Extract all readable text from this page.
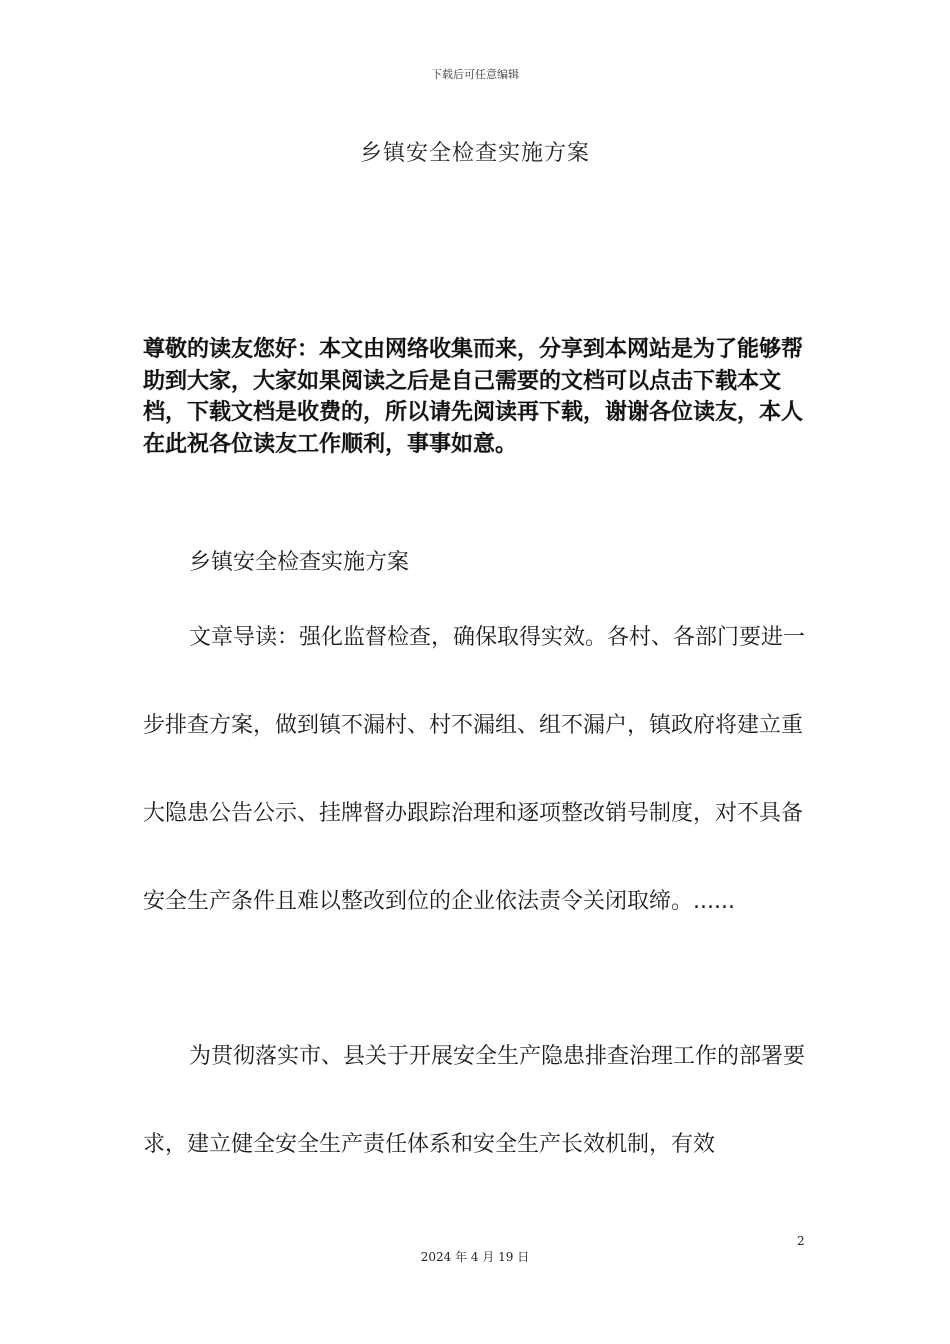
下载后可任意编辑
乡镇安全检查实施方案
尊敬的读友您好：本文由网络收集而来，分享到本网站是为了能够帮助到大家，大家如果阅读之后是自己需要的文档可以点击下载本文档，下载文档是收费的，所以请先阅读再下载，谢谢各位读友，本人在此祝各位读友工作顺利，事事如意。
乡镇安全检查实施方案

文章导读：强化监督检查，确保取得实效。各村、各部门要进一步排查方案，做到镇不漏村、村不漏组、组不漏户，镇政府将建立重大隐患公告公示、挂牌督办跟踪治理和逐项整改销号制度，对不具备安全生产条件且难以整改到位的企业依法责令关闭取缔。......

为贯彻落实市、县关于开展安全生产隐患排查治理工作的部署要求，建立健全安全生产责任体系和安全生产长效机制，有效

2
2024 年 4 月 19 日
